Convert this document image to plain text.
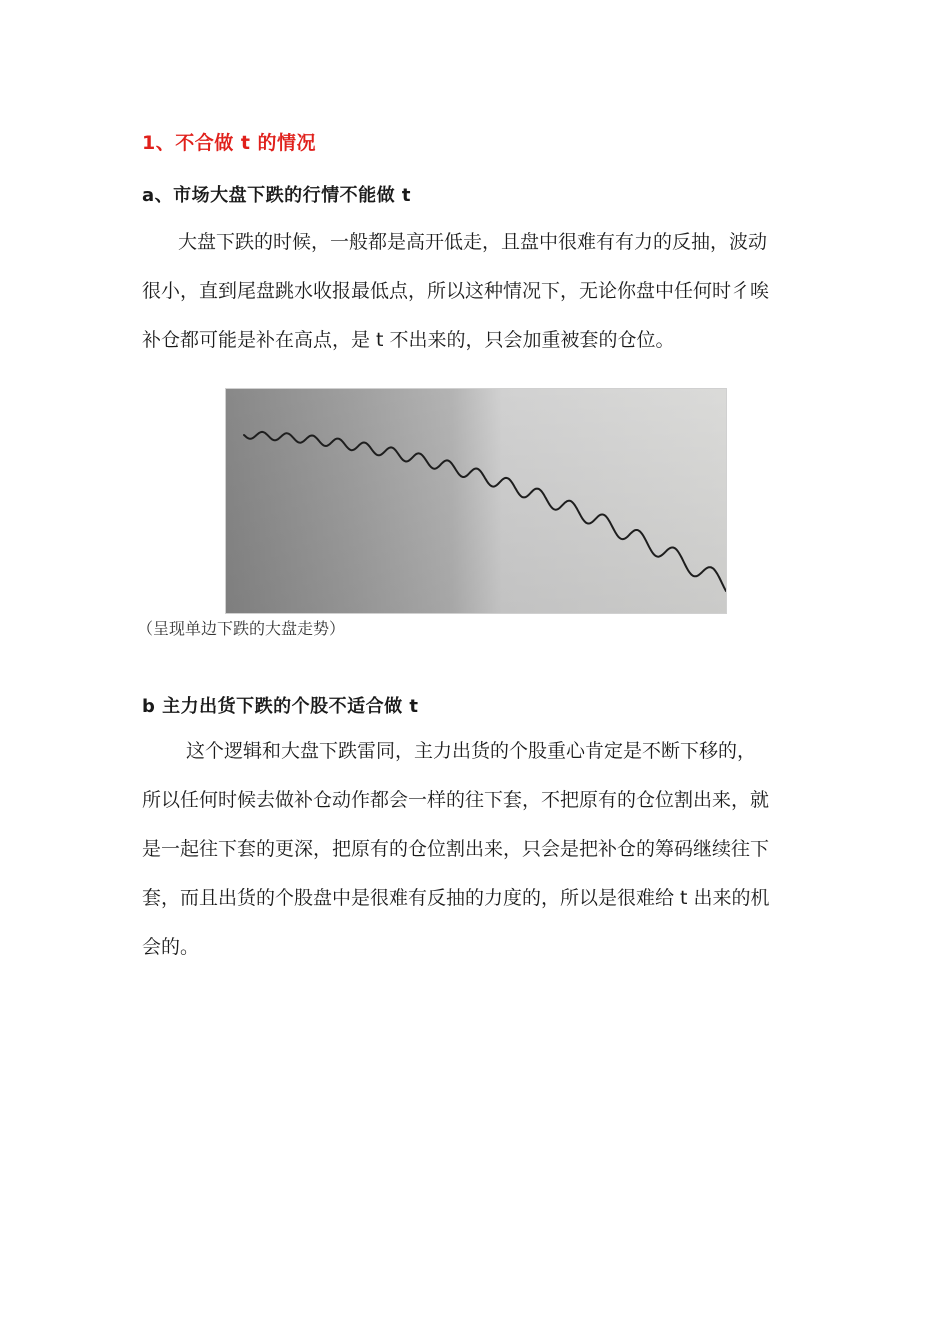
1、不合做 t 的情况
a、市场大盘下跌的行情不能做 t
大盘下跌的时候，一般都是高开低走，且盘中很难有有力的反抽，波动
很小，直到尾盘跳水收报最低点，所以这种情况下，无论你盘中任何时彳唉
补仓都可能是补在高点，是 t 不出来的，只会加重被套的仓位。
（呈现单边下跌的大盘走势）
b 主力出货下跌的个股不适合做 t
这个逻辑和大盘下跌雷同，主力出货的个股重心肯定是不断下移的，
所以任何时候去做补仓动作都会一样的往下套，不把原有的仓位割出来，就
是一起往下套的更深，把原有的仓位割出来，只会是把补仓的筹码继续往下
套，而且出货的个股盘中是很难有反抽的力度的，所以是很难给 t 出来的机
会的。
